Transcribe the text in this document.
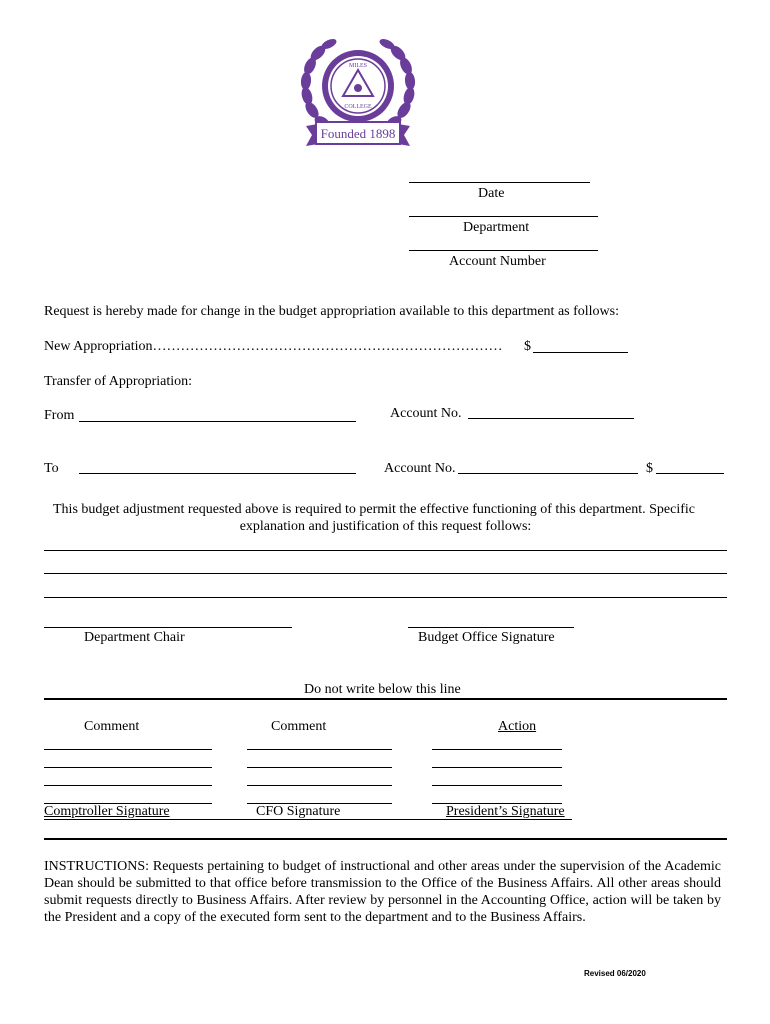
MILES
COLLEGE
Founded 1898
Date
Department
Account Number
Request is hereby made for change in the budget appropriation available to this department as follows:
New Appropriation………………………………………………………………… $
Transfer of Appropriation:
From	Account No.
To	Account No.	$
This budget adjustment requested above is required to permit the effective functioning of this department. Specific
explanation and justification of this request follows:
Department Chair	Budget Office Signature
Do not write below this line
Comment	Comment	Action
Comptroller Signature	CFO Signature	President’s Signature
INSTRUCTIONS: Requests pertaining to budget of instructional and other areas under the supervision of the Academic Dean should be submitted to that office before transmission to the Office of the Business Affairs. All other areas should submit requests directly to Business Affairs. After review by personnel in the Accounting Office, action will be taken by the President and a copy of the executed form sent to the department and to the Business Affairs.
Revised 06/2020
